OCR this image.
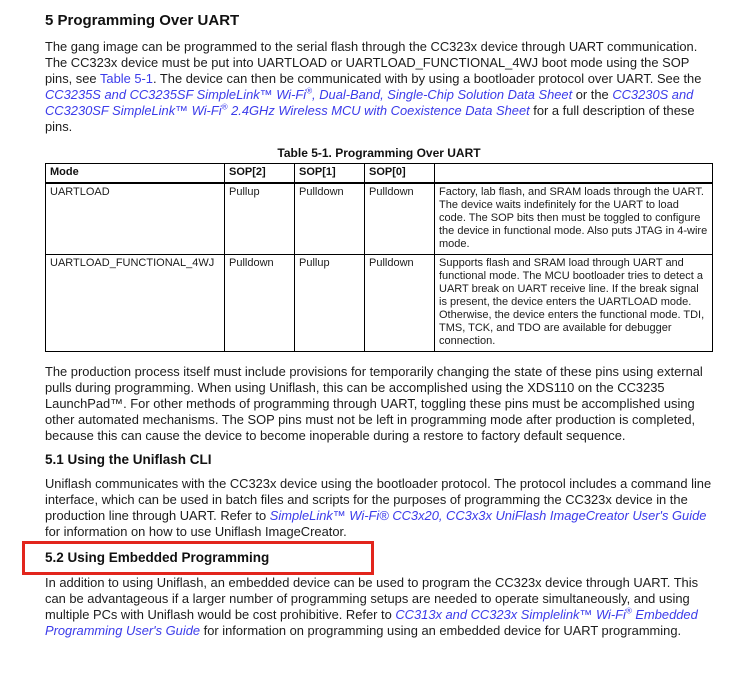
5 Programming Over UART

The gang image can be programmed to the serial flash through the CC323x device through UART communication. The CC323x device must be put into UARTLOAD or UARTLOAD_FUNCTIONAL_4WJ boot mode using the SOP pins, see Table 5-1. The device can then be communicated with by using a bootloader protocol over UART. See the CC3235S and CC3235SF SimpleLink™ Wi-Fi®, Dual-Band, Single-Chip Solution Data Sheet or the CC3230S and CC3230SF SimpleLink™ Wi-Fi® 2.4GHz Wireless MCU with Coexistence Data Sheet for a full description of these pins.

Table 5-1. Programming Over UART
Mode	SOP[2]	SOP[1]	SOP[0]	
UARTLOAD	Pullup	Pulldown	Pulldown	Factory, lab flash, and SRAM loads through the UART. The device waits indefinitely for the UART to load code. The SOP bits then must be toggled to configure the device in functional mode. Also puts JTAG in 4-wire mode.
UARTLOAD_FUNCTIONAL_4WJ	Pulldown	Pullup	Pulldown	Supports flash and SRAM load through UART and functional mode. The MCU bootloader tries to detect a UART break on UART receive line. If the break signal is present, the device enters the UARTLOAD mode. Otherwise, the device enters the functional mode. TDI, TMS, TCK, and TDO are available for debugger connection.

The production process itself must include provisions for temporarily changing the state of these pins using external pulls during programming. When using Uniflash, this can be accomplished using the XDS110 on the CC3235 LaunchPad™. For other methods of programming through UART, toggling these pins must be accomplished using other automated mechanisms. The SOP pins must not be left in programming mode after production is completed, because this can cause the device to become inoperable during a restore to factory default sequence.

5.1 Using the Uniflash CLI

Uniflash communicates with the CC323x device using the bootloader protocol. The protocol includes a command line interface, which can be used in batch files and scripts for the purposes of programming the CC323x device in the production line through UART. Refer to SimpleLink™ Wi-Fi® CC3x20, CC3x3x UniFlash ImageCreator User's Guide for information on how to use Uniflash ImageCreator.

5.2 Using Embedded Programming

In addition to using Uniflash, an embedded device can be used to program the CC323x device through UART. This can be advantageous if a larger number of programming setups are needed to operate simultaneously, and using multiple PCs with Uniflash would be cost prohibitive. Refer to CC313x and CC323x Simplelink™ Wi-Fi® Embedded Programming User's Guide for information on programming using an embedded device for UART programming.
